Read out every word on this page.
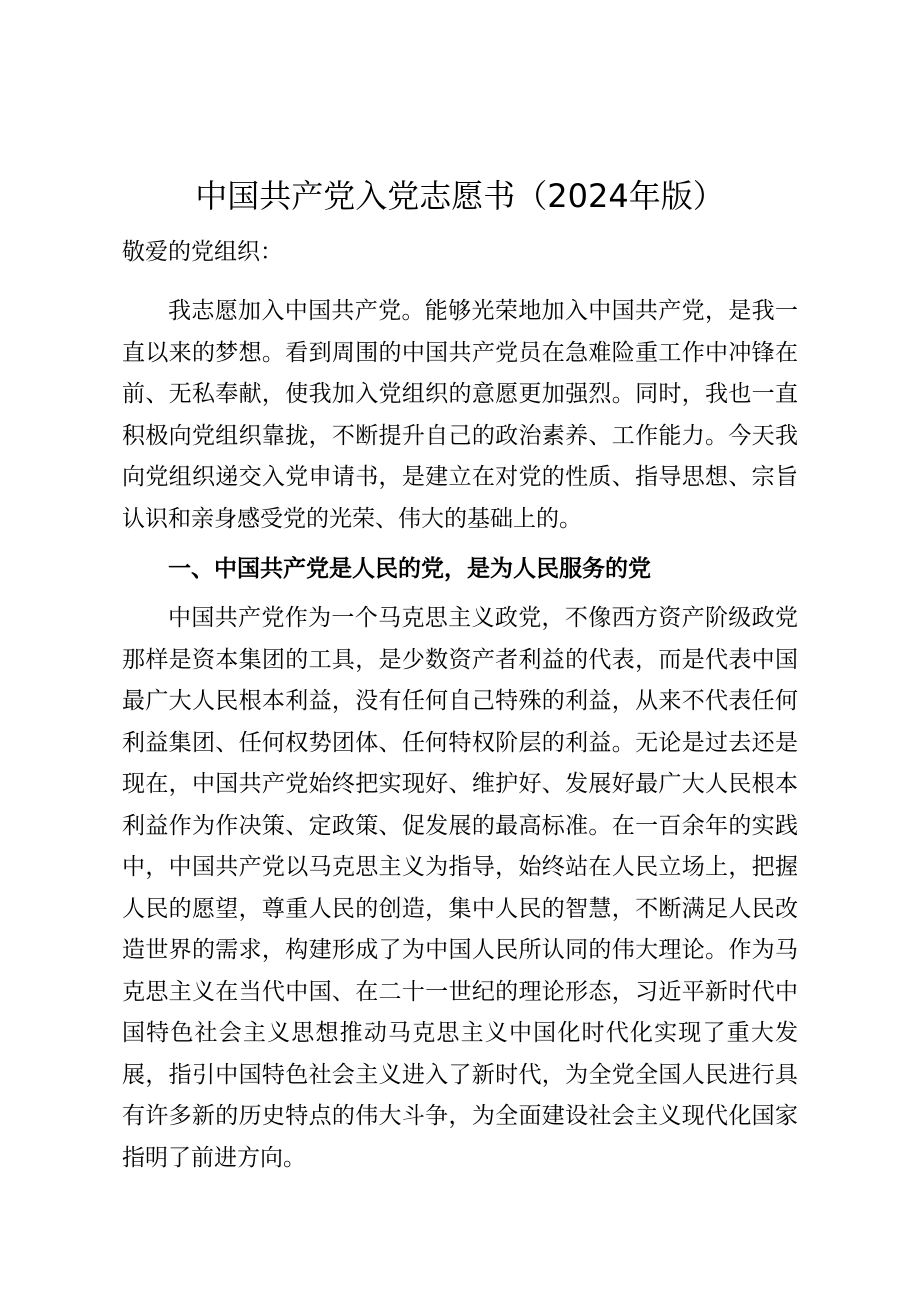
中国共产党入党志愿书（2024年版）

敬爱的党组织：

我志愿加入中国共产党。能够光荣地加入中国共产党，是我一直以来的梦想。看到周围的中国共产党员在急难险重工作中冲锋在前、无私奉献，使我加入党组织的意愿更加强烈。同时，我也一直积极向党组织靠拢，不断提升自己的政治素养、工作能力。今天我向党组织递交入党申请书，是建立在对党的性质、指导思想、宗旨认识和亲身感受党的光荣、伟大的基础上的。

一、中国共产党是人民的党，是为人民服务的党

中国共产党作为一个马克思主义政党，不像西方资产阶级政党那样是资本集团的工具，是少数资产者利益的代表，而是代表中国最广大人民根本利益，没有任何自己特殊的利益，从来不代表任何利益集团、任何权势团体、任何特权阶层的利益。无论是过去还是现在，中国共产党始终把实现好、维护好、发展好最广大人民根本利益作为作决策、定政策、促发展的最高标准。在一百余年的实践中，中国共产党以马克思主义为指导，始终站在人民立场上，把握人民的愿望，尊重人民的创造，集中人民的智慧，不断满足人民改造世界的需求，构建形成了为中国人民所认同的伟大理论。作为马克思主义在当代中国、在二十一世纪的理论形态，习近平新时代中国特色社会主义思想推动马克思主义中国化时代化实现了重大发展，指引中国特色社会主义进入了新时代，为全党全国人民进行具有许多新的历史特点的伟大斗争，为全面建设社会主义现代化国家指明了前进方向。
